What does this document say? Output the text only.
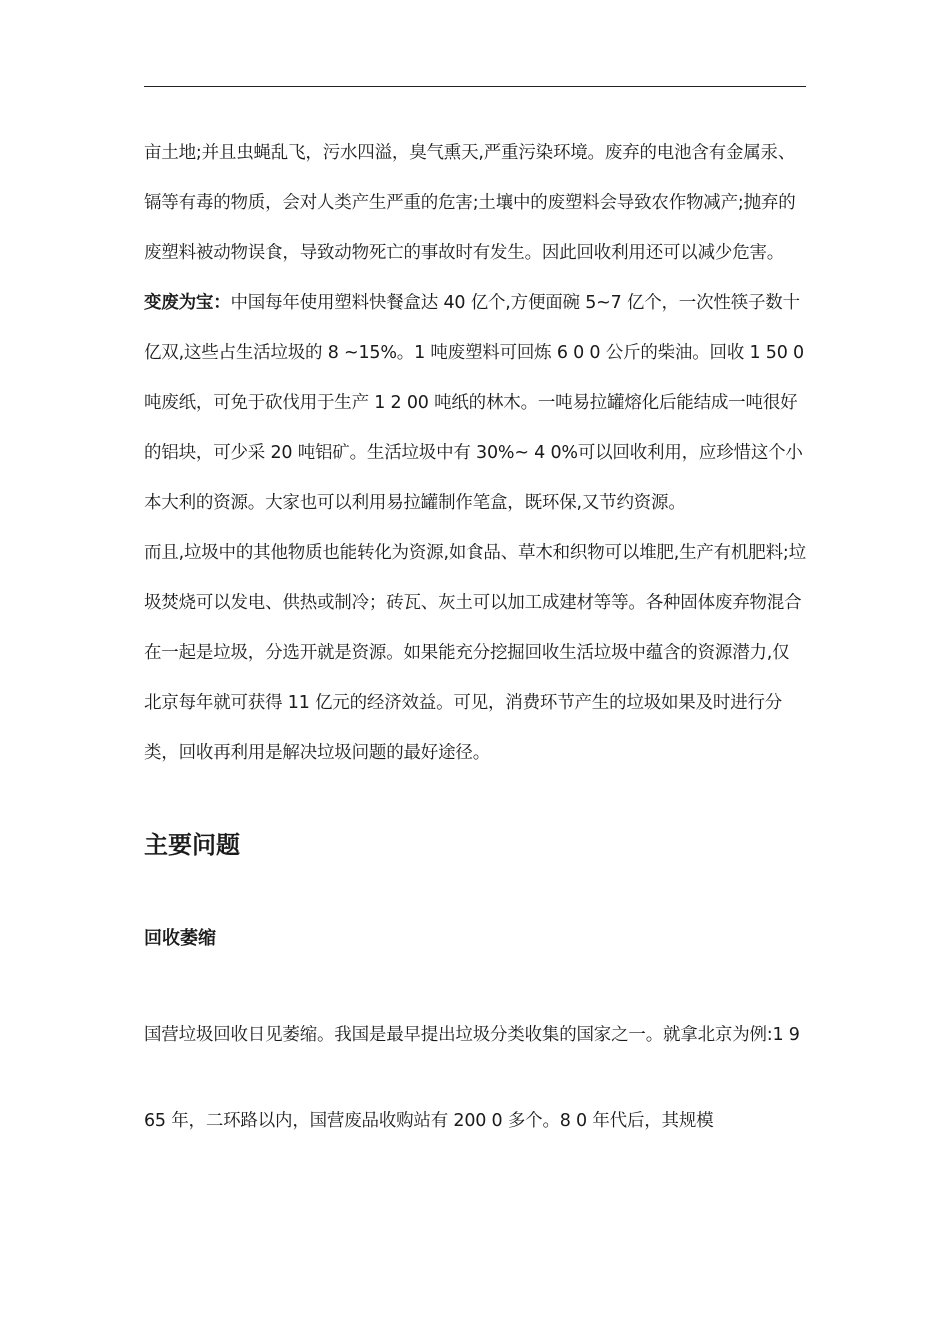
亩土地;并且虫蝇乱飞，污水四溢，臭气熏天,严重污染环境。废弃的电池含有金属汞、镉等有毒的物质，会对人类产生严重的危害;土壤中的废塑料会导致农作物减产;抛弃的废塑料被动物误食，导致动物死亡的事故时有发生。因此回收利用还可以减少危害。

变废为宝：中国每年使用塑料快餐盒达 40 亿个,方便面碗 5~7 亿个，一次性筷子数十亿双,这些占生活垃圾的 8 ~15%。1 吨废塑料可回炼 6 0 0 公斤的柴油。回收 1 50 0 吨废纸，可免于砍伐用于生产 1 2 00 吨纸的林木。一吨易拉罐熔化后能结成一吨很好的铝块，可少采 20 吨铝矿。生活垃圾中有 30%~ 4 0%可以回收利用，应珍惜这个小本大利的资源。大家也可以利用易拉罐制作笔盒，既环保,又节约资源。

而且,垃圾中的其他物质也能转化为资源,如食品、草木和织物可以堆肥,生产有机肥料;垃圾焚烧可以发电、供热或制冷；砖瓦、灰土可以加工成建材等等。各种固体废弃物混合在一起是垃圾，分选开就是资源。如果能充分挖掘回收生活垃圾中蕴含的资源潜力,仅北京每年就可获得 11 亿元的经济效益。可见，消费环节产生的垃圾如果及时进行分类，回收再利用是解决垃圾问题的最好途径。

主要问题
回收萎缩

国营垃圾回收日见萎缩。我国是最早提出垃圾分类收集的国家之一。就拿北京为例:1 9 65 年，二环路以内，国营废品收购站有 200 0 多个。8 0 年代后，其规模
